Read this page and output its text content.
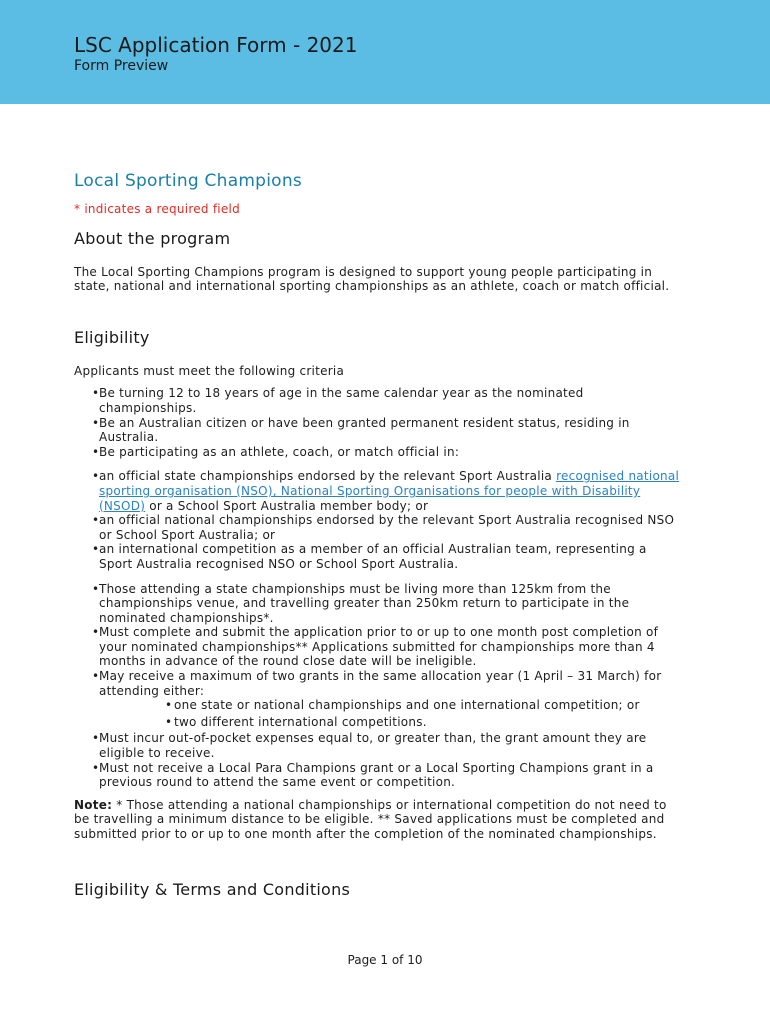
LSC Application Form - 2021
Form Preview
Local Sporting Champions

* indicates a required field

About the program

The Local Sporting Champions program is designed to support young people participating in state, national and international sporting championships as an athlete, coach or match official.

Eligibility

Applicants must meet the following criteria

• Be turning 12 to 18 years of age in the same calendar year as the nominated championships.
• Be an Australian citizen or have been granted permanent resident status, residing in Australia.
• Be participating as an athlete, coach, or match official in:
• an official state championships endorsed by the relevant Sport Australia recognised national sporting organisation (NSO), National Sporting Organisations for people with Disability (NSOD) or a School Sport Australia member body; or
• an official national championships endorsed by the relevant Sport Australia recognised NSO or School Sport Australia; or
• an international competition as a member of an official Australian team, representing a Sport Australia recognised NSO or School Sport Australia.
• Those attending a state championships must be living more than 125km from the championships venue, and travelling greater than 250km return to participate in the nominated championships*.
• Must complete and submit the application prior to or up to one month post completion of your nominated championships** Applications submitted for championships more than 4 months in advance of the round close date will be ineligible.
• May receive a maximum of two grants in the same allocation year (1 April – 31 March) for attending either:
• one state or national championships and one international competition; or
• two different international competitions.
• Must incur out-of-pocket expenses equal to, or greater than, the grant amount they are eligible to receive.
• Must not receive a Local Para Champions grant or a Local Sporting Champions grant in a previous round to attend the same event or competition.

Note: * Those attending a national championships or international competition do not need to be travelling a minimum distance to be eligible. ** Saved applications must be completed and submitted prior to or up to one month after the completion of the nominated championships.

Eligibility & Terms and Conditions
Page 1 of 10
